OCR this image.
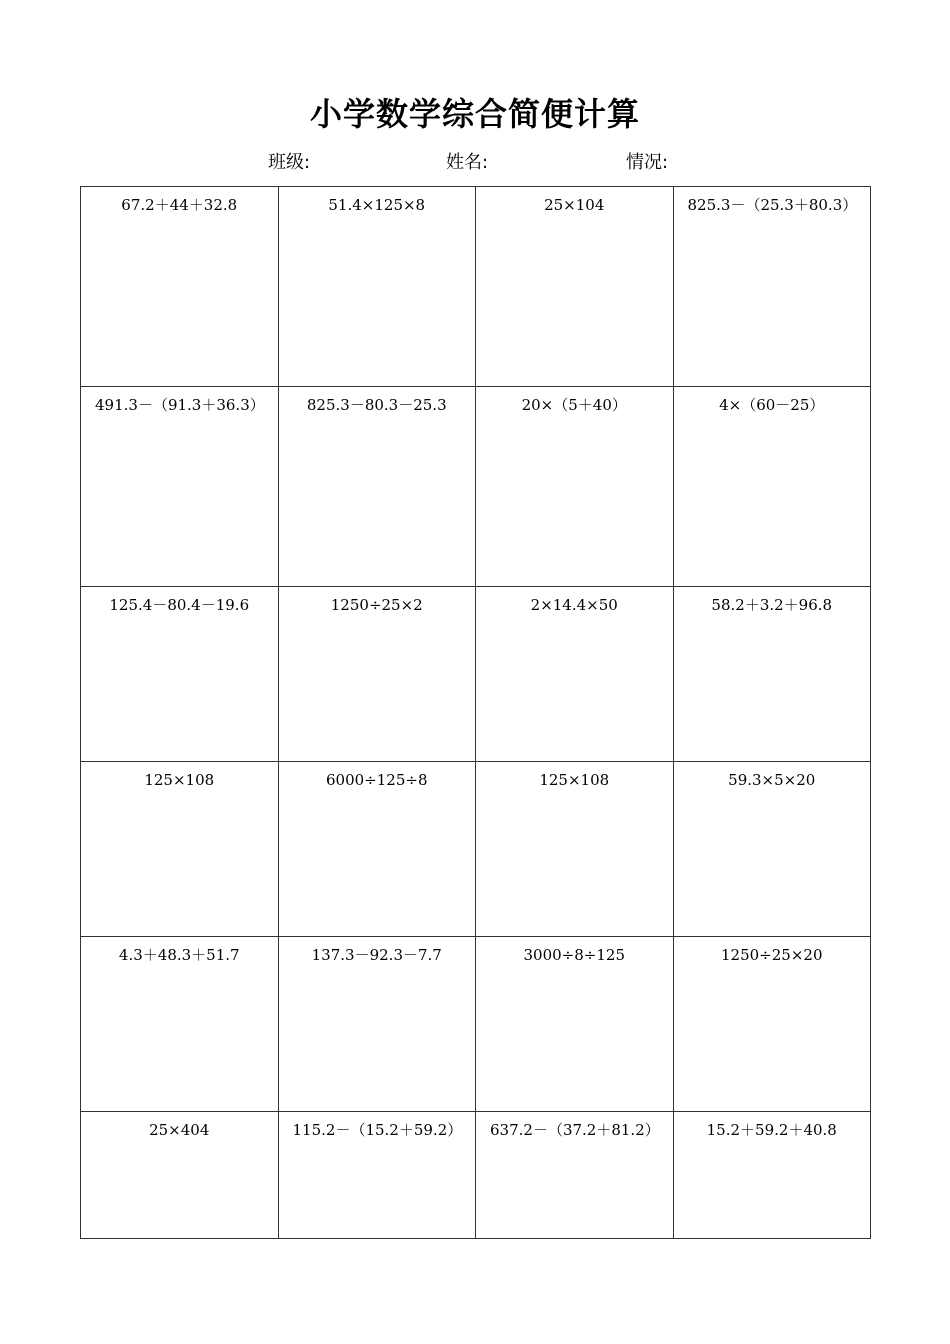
小学数学综合简便计算
班级:	姓名:	情况:
67.2＋44＋32.8	51.4×125×8	25×104	825.3－（25.3＋80.3）
491.3－（91.3＋36.3）	825.3－80.3－25.3	20×（5＋40）	4×（60－25）
125.4－80.4－19.6	1250÷25×2	2×14.4×50	58.2＋3.2＋96.8
125×108	6000÷125÷8	125×108	59.3×5×20
4.3＋48.3＋51.7	137.3－92.3－7.7	3000÷8÷125	1250÷25×20
25×404	115.2－（15.2＋59.2）	637.2－（37.2＋81.2）	15.2＋59.2＋40.8
